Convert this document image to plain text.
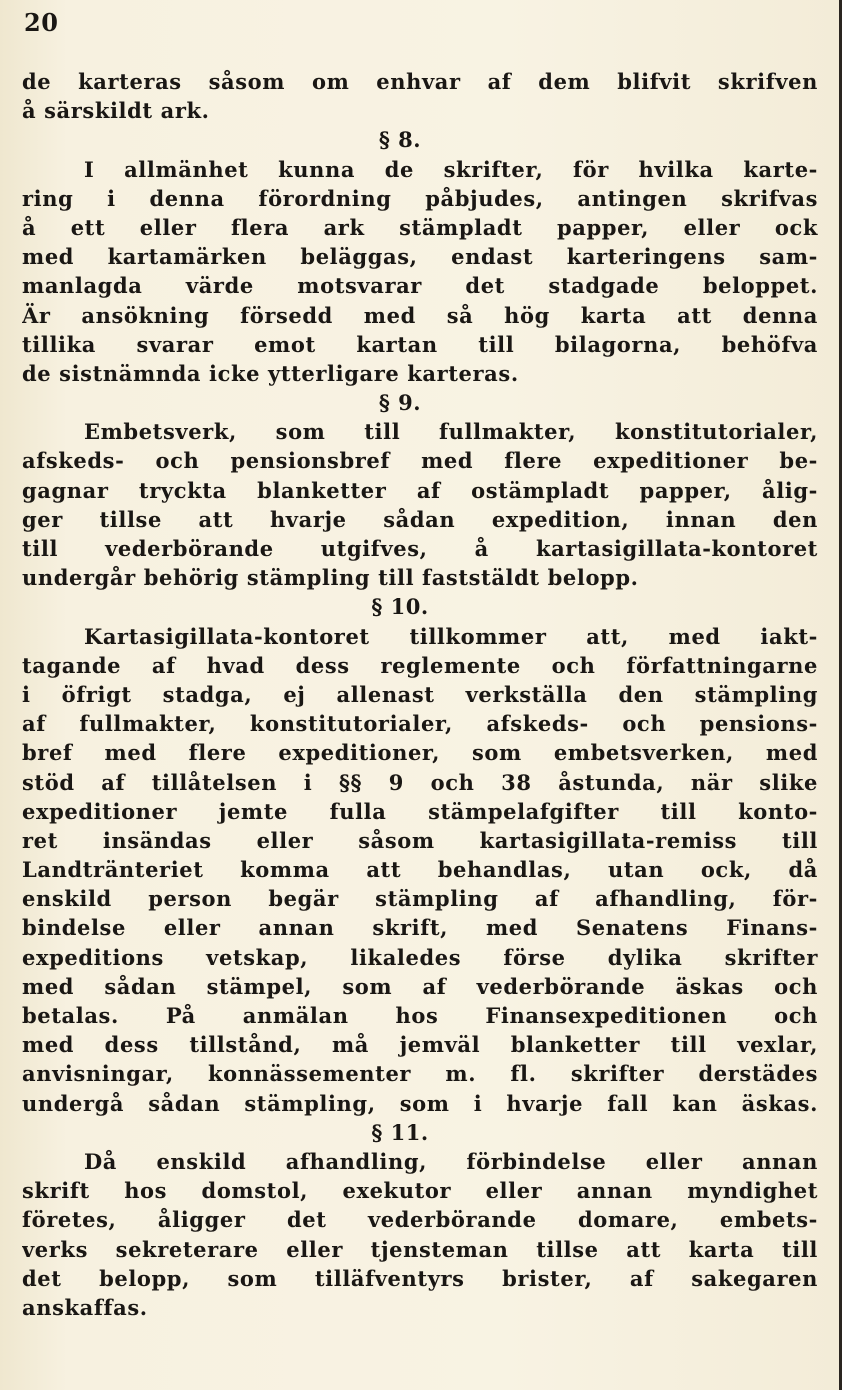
20
de karteras såsom om enhvar af dem blifvit skrifven
å särskildt ark.
§ 8.
I allmänhet kunna de skrifter, för hvilka karte-
ring i denna förordning påbjudes, antingen skrifvas
å ett eller flera ark stämpladt papper, eller ock
med kartamärken beläggas, endast karteringens sam-
manlagda värde motsvarar det stadgade beloppet.
Är ansökning försedd med så hög karta att denna
tillika svarar emot kartan till bilagorna, behöfva
de sistnämnda icke ytterligare karteras.
§ 9.
Embetsverk, som till fullmakter, konstitutorialer,
afskeds- och pensionsbref med flere expeditioner be-
gagnar tryckta blanketter af ostämpladt papper, ålig-
ger tillse att hvarje sådan expedition, innan den
till vederbörande utgifves, å kartasigillata-kontoret
undergår behörig stämpling till faststäldt belopp.
§ 10.
Kartasigillata-kontoret tillkommer att, med iakt-
tagande af hvad dess reglemente och författningarne
i öfrigt stadga, ej allenast verkställa den stämpling
af fullmakter, konstitutorialer, afskeds- och pensions-
bref med flere expeditioner, som embetsverken, med
stöd af tillåtelsen i §§ 9 och 38 åstunda, när slike
expeditioner jemte fulla stämpelafgifter till konto-
ret insändas eller såsom kartasigillata-remiss till
Landtränteriet komma att behandlas, utan ock, då
enskild person begär stämpling af afhandling, för-
bindelse eller annan skrift, med Senatens Finans-
expeditions vetskap, likaledes förse dylika skrifter
med sådan stämpel, som af vederbörande äskas och
betalas. På anmälan hos Finansexpeditionen och
med dess tillstånd, må jemväl blanketter till vexlar,
anvisningar, konnässementer m. fl. skrifter derstädes
undergå sådan stämpling, som i hvarje fall kan äskas.
§ 11.
Då enskild afhandling, förbindelse eller annan
skrift hos domstol, exekutor eller annan myndighet
företes, åligger det vederbörande domare, embets-
verks sekreterare eller tjensteman tillse att karta till
det belopp, som tilläfventyrs brister, af sakegaren
anskaffas.
